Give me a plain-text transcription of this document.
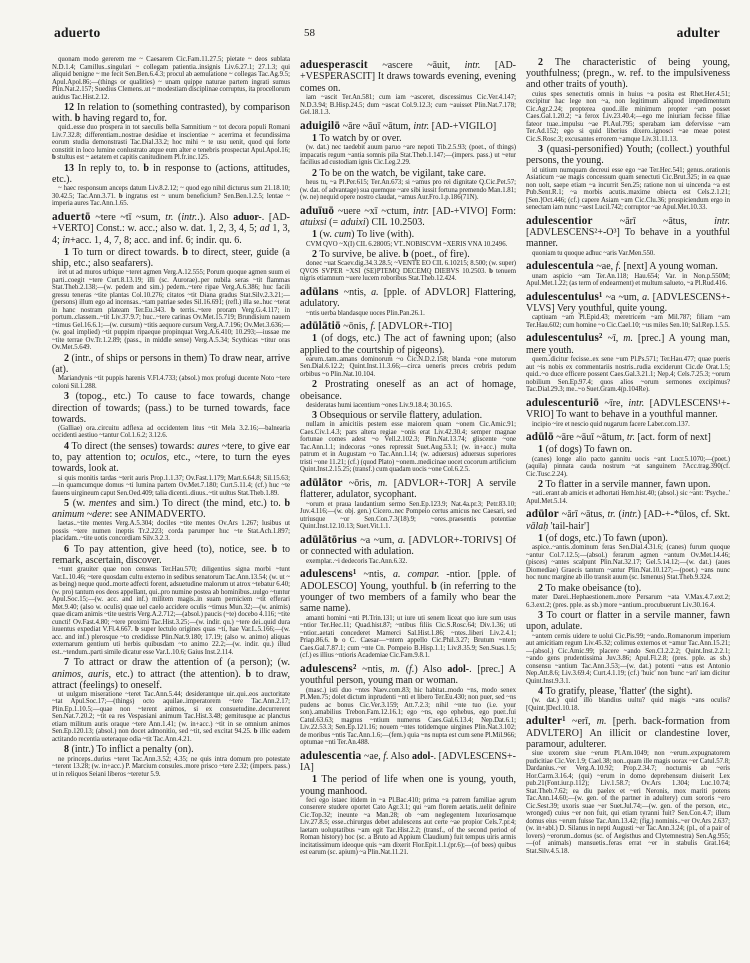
aduerto	58	adulter

quonam modo gererem me ~ Caesarem Cic.Fam.11.27.5; pietate ~ deos sublata N.D.1.4; Camillus..singulari ~ collegam patientia..insignis Liv.6.27.1; 27.1.3; qui aliquid benigne ~ me fecit Sen.Ben.6.4.3; procul ab aemulatione ~ collegas Tac.Ag.9.5; Apul.Apol.86;—(things or qualities) ~ unam quippe naturae partem ingrati sumus Plin.Nat.2.157; Suedius Clemens..ut ~ modestiam disciplinae corruptus, ita procellorum auidus Tac.Hist.2.12.

12 In relation to (something contrasted), by comparison with. b having regard to, for.

quid..esse duo prospera in tot saeculis bella Samnitium ~ tot decora populi Romani Liv.7.32.8; differentiam..nostrae desidiae et inscientiae ~ acerrima et fecundissima eorum studia demonstrasti Tac.Dial.33.2; hoc mihi ~ te usu uenit, quod qui forte constitit in loco lumine conlustrato atque eum alter e tenebris prospectat Apul.Apol.16; b stultus est ~ aetatem et capitis canitudinem Pl.fr.inc.125.

13 In reply to, to. b in response to (actions, attitudes, etc.).

~ haec responsum anceps datum Liv.8.2.12; ~ quod ego nihil dicturus sum 21.18.10; 30.42.5; Tac.Ann.3.71. b ingratus est ~ unum beneficium? Sen.Ben.1.2.5; lentae ~ imperia aures Tac.Ann.1.65.

aduertō ~tere ~tī ~sum, tr. (intr..). Also aduor-. [AD-+VERTO] Const.: w. acc.; also w. dat. 1, 2, 3, 4, 5; ad 1, 3, 4; in+acc. 1, 4, 7, 8; acc. and inf. 6; indir. qu. 6.

1 To turn or direct towards. b to direct, steer, guide (a ship, etc.; also seafarers).

iret ut ad muros urbique ~teret agmen Verg.A.12.555; Porum quoque agmen suum ei parti..coegit ~tere Curt.8.13.19; illi (sc. Aurorae)..per nubila seras ~tit flammas Stat.Theb.2.138;—(w. pedem and sim.) pedem..~tere ripae Verg.A.6.386; huc facili gressu teneras ~tite plantas Col.10.276; citatos ~tit Diana gradus Stat.Silv.2.3.21;—(persons) illum ego ad incensas..~tam patriae sedes Sil.16.691; (refl.) illa se..huc ~terat in hanc nostram plateam Ter.Eu.343. b terris..~tere proram Verg.G.4.117; in portum..classem..~tit Liv.37.9.7; huc..~tere carinas Ov.Met.15.719; Brundisium nauem ~timus Gel.16.6.1;—(w. cursum) ~titis aequore cursum Verg.A.7.196; Ov.Met.3.636;—(w. goal implied) ~tit puppim ripaeque propinquat Verg.A.6.410; 10.293;—iussae me ~tite terrae Ov.Tr.1.2.89; (pass., in middle sense) Verg.A.5.34; Scythicas ~titur oras Ov.Met.5.649.

2 (intr., of ships or persons in them) To draw near, arrive (at).

Mariandynis ~tit puppis harenis V.Fl.4.733; (absol.) mox profugi ducente Noto ~tere coloni Sil.1.288.

3 (topog., etc.) To cause to face towards, change direction of towards; (pass.) to be turned towards, face towards.

(Galliae) ora..circuitu adflexa ad occidentem litus ~tit Mela 3.2.16;—balnearia occidenti aestiuo ~tantur Col.1.6.2; 3.12.6.

4 To direct (the senses) towards: aures ~tere, to give ear to, pay attention to; oculos, etc., ~tere, to turn the eyes towards, look at.

si quis monitis tardas ~terit auris Prop.1.1.37; Ov.Fast.1.179; Mart.6.64.8; Sil.15.63;—in quamcumque domus ~ti lumina partem Ov.Met.7.180; Curt.5.11.4; (cf.) huc ~te fauens uirgineum caput Sen.Oed.409; talia dicenti..diuus..~tit uultus Stat.Theb.1.89.

5 (w. mentes and sim.) To direct (the mind, etc.) to. b animum ~dere: see ANIMADVERTO.

laetas..~tite mentes Verg.A.5.304; dociles ~tite mentes Ov.Ars 1.267; lusibus ut possis ~tere numen ineptis Tr.2.223; corda parumper huc ~te Stat.Ach.1.897; placidam..~tite uotis concordiam Silv.3.2.3.

6 To pay attention, give heed (to), notice, see. b to remark, ascertain, discover.

~tunt grauiter quae non censeas Ter.Hau.570; diligentius signa morbi ~tunt Var.L.10.46; ~tere quosdam cultu externo in sedibus senatorum Tac.Ann.13.54; (w. ut ~ as being) neque quod..morte adfecti forent, adsuetudine malorum ut atrox ~tebatur 6.40; (w. pro) tantum eos deos appellant, qui..pro numine postea ab hominibus..uulgo ~tuntur Apul.Soc.15;—(w. acc. and inf.) militem magis..in suam perniciem ~tit efferari Met.9.40; (also w. oculis) quae uel caelo accidere oculis ~timus Mun.32;—(w. animis) quae dicam animis ~tite uestris Verg.A.2.712;—(absol.) paucis (~te) docebo 4.116; ~tite cuncti! Ov.Fast.4.80; ~tere proximi Tac.Hist.3.25;—(w. indir. qu.) ~tere dei..quid dura iuuentus expediat V.Fl.4.667. b super lectulo origines quas ~ti, hae Var.L.5.166;—(w. acc. and inf.) plerosque ~to credidisse Plin.Nat.9.180; 17.19; (also w. animo) aliquas externarum gentium uti herbis quibusdam ~to animo 22.2;—(w. indir. qu.) illud est..~tendum..parti simile dicatur esse Var.L.10.6; Gaius Inst.2.114.

7 To attract or draw the attention of (a person); (w. animos, auris, etc.) to attract (the attention). b to draw, attract (feelings) to oneself.

ut uulgum miseratione ~teret Tac.Ann.5.44; desiderantque uir..qui..eos auctoritate ~tat Apul.Soc.17;—(things) octo aquilae..imperatorem ~tere Tac.Ann.2.17; Plin.Ep.1.10.5;—quae non ~terent animos, si ex consuetudine..decurrerent Sen.Nat.7.20.2; ~tit ea res Vespasiani animum Tac.Hist.3.48; gemitusque ac planctus etiam militum auris oraque ~tere Ann.1.41; (w. in+acc.) ~tit in se omnium animos Sen.Ep.120.13; (absol.) non docet admonitio, sed ~tit, sed excitat 94.25. b illic eadem actitando recentia ueteraque odia ~tit Tac.Ann.4.21.

8 (intr.) To inflict a penalty (on).

ne princeps..durius ~teret Tac.Ann.3.52; 4.35; ne quis intra domum pro potestate ~terent 13.28; (w. in+acc.) P. Marcium consules..more prisco ~tere 2.32; (impers. pass.) ut in reliquos Seiani liberos ~teretur 5.9.

aduesperascit ~ascere ~āuit, intr. [AD-+VESPERASCIT] It draws towards evening, evening comes on.

iam ~ascit Ter.An.581; cum iam ~asceret, discessimus Cic.Ver.4.147; N.D.3.94; B.Hisp.24.5; dum ~ascat Col.9.12.3; cum ~auisset Plin.Nat.7.178; Gel.18.1.3.

aduigilō ~āre ~āuī ~ātum, intr. [AD-+VIGILO]

1 To watch by or over.

(w. dat.) nec taedebit auum paruo ~are nepoti Tib.2.5.93; (poet., of things) impacatis regum ~antia somnis pila Stat.Theb.1.147;—(impers. pass.) ut ~etur facilius ad custodiam ignis Cic.Leg.2.29.

2 To be on the watch, be vigilant, take care.

heus tu, ~a Pl.Per.615; Ter.An.673; si ~amus pro rei dignitate Q.Cic.Pet.57; (w. dat. of advantage) sua quemque ~are sibi iussit fortuna premendo Man.1.81; (w. ne) nequid opere nostro claudat, ~amus Aur.Fro.1.p.186(71N).

aduīuō ~uere ~xī ~ctum, intr. [AD-+VIVO] Form: atuixsi (= aduixi) CIL 10.2503.

1 (w. cum) To live (with).

CVM QVO ~X(I) CIL 6.28005; VT..NOBISCVM ~XERIS VNA 10.2496.

2 To survive, be alive. b (poet., of fire).

donec ~uat Scaev.dig.34.3.28.5; ~VENTE EO CIL 6.10215; 8.500; (w. super) QVOS SVPER ~XSI ⟨SE⟩PTEMQ DECEMQ DIEBVS 10.2503. b tenuem nigris etiamnum ~uere lucem roboribus Stat.Theb.12.424.

adūlans ~ntis, a. [pple. of ADVLOR] Flattering, adulatory.

~ntis uerba blandasque uoces Plin.Pan.26.1.

adūlātiō ~ōnis, f. [ADVLOR+-TIO]

1 (of dogs, etc.) The act of fawning upon; (also applied to the courtship of pigeons).

earum..tam..amans dominorum ~o Cic.N.D.2.158; blanda ~one mutorum Sen.Dial.6.12.2; Quint.Inst.11.3.66;—circa ueneris preces crebris pedum orbibus ~o Plin.Nat.10.104.

2 Prostrating oneself as an act of homage, obeisance.

desideratas humi iacentium ~ones Liv.9.18.4; 30.16.5.

3 Obsequious or servile flattery, adulation.

nullam in amicitiis pestem esse maiorem quam ~onem Cic.Amic.91; Caes.Civ.1.4.3; pars altera regiae ~onis erat Liv.42.30.4; semper magnae fortunae comes adest ~o Vell.2.102.3; Plin.Nat.13.74; gliscente ~one Tac.Ann.1.1; indecoras ~ones repressit Suet.Aug.53.1; (w. in+acc.) multa patrum et in Augustam ~o Tac.Ann.1.14; (w. aduersus) aduersus superiores tristi ~one 11.21; (cf.) (quod Plato) ~onem..medicinae uocet cocorum artificium Quint.Inst.2.15.25; (transf.) cum quadam uocis ~one Col.6.2.5.

adūlātor ~ōris, m. [ADVLOR+-TOR] A servile flatterer, adulator, sycophant.

~orum et praua laudantium sermo Sen.Ep.123.9; Nat.4a.pr.3; Petr.83.10; Juv.4.116;—(w. obj. gen.) Cicero..nec Pompeio certus amicus nec Caesari, sed utriusque ~or Sen.Con.7.3(18).9; ~ores..praesentis potentiae Quint.Inst.12.10.13; Suet.Vit.1.1.

adūlātōrius ~a ~um, a. [ADVLOR+-TORIVS] Of or connected with adulation.

exemplar..~i dedecoris Tac.Ann.6.32.

adulescens¹ ~ntis, a. compar. -ntior. [pple. of ADOLESCO] Young, youthful. b (in referring to the younger of two members of a family who bear the same name).

amanti homini ~nti Pl.Trin.131; ut iure uti senem liceat quo iure sum usus ~ntior Ter.Hec.11; Quad.hist.87; ~ntibus filiis Cic.S.Rosc.64; Div.1.36; uti ~ntior..aetati concederet Mamerci Sal.Hist.1.86; ~ntes..liberi Liv.2.4.1; Priap.86.6. b o C. Caesar—~ntem appello Cic.Phil.3.27; Brutum ~ntem Caes.Gal.7.87.1; cum ~nte Cn. Pompeio B.Hisp.1.1; Liv.8.35.9; Sen.Suas.1.5; (cf.) es illius ~ntioris Academiae Cic.Fam.9.8.1.

adulescens² ~ntis, m. (f.) Also adol-. [prec.] A youthful person, young man or woman.

(masc.) isti duo ~ntes Naev.com.83; hic habitat..modo ~ns, modo senex Pl.Men.75; dolet dictum inprudenti ~nti et libero Ter.Eu.430; non puer, sed ~ns pudens ac bonus Cic.Ver.3.159; Att.7.2.3; nihil ~nte tuo (i.e. your son)..amabilius Trebon.Fam.12.16.1; ego ~ns, ego ephebus, ego puer..fui Catul.63.63; magnus ~ntium numerus Caes.Gal.6.13.4; Nep.Dat.6.1; Liv.22.53.3; Sen.Ep.121.16; nouem ~ntes totidemque uirgines Plin.Nat.3.102; de moribus ~ntis Tac.Ann.1.6;—(fem.) quia ~ns nupta est cum sene Pl.Mil.966; optumae ~nti Ter.An.488.

adulescentia ~ae, f. Also adol-. [ADVLESCENS+-IA]

1 The period of life when one is young, youth, young manhood.

feci ego istaec itidem in ~a Pl.Bac.410; prima ~a patrem familiae agrum conserere studere oportet Cato Agr.3.1; qui ~am florem aetatis..uelit definire Cic.Top.32; ineunte ~a Man.28; ob ~am neglegentem luxuriosamque Liv.27.8.5; esse..chirurgus debet adulescens aut certe ~ae propior Cels.7.pr.4; laetam uoluptatibus ~am egit Tac.Hist.2.2; (transf., of the second period of Roman history) hoc (sc. a Bruto ad Appium Claudium) fuit tempus uiris armis incitatissimum ideoque quis ~am dixerit Flor.Epit.1.1.(pr.6);—(of bees) quibus est earum (sc. apium) ~a Plin.Nat.11.21.

2 The characteristic of being young, youthfulness; (pregn., w. ref. to the impulsiveness and other traits of youth).

cuius spes senectutis omnis in huius ~a posita est Rhet.Her.4.51; excipitur hac lege non ~a, non legitimum aliquod impedimentum Cic.Agr.2.24; propterea quod..ille minimum propter ~am posset Caes.Gal.1.20.2; ~a ferox Liv.23.40.4;—ego me iniuriam fecisse filiae fateor tuae..impulsu ~ae Pl.Aul.795; sperabam iam defervisse ~am Ter.Ad.152; ego si quid liberius dixero..ignosci ~ae meae potest Cic.S.Rosc.3; excusantes errorem ~amque Liv.31.11.13.

3 (quasi-personified) Youth; (collect.) youthful persons, the young.

id uitium numquam decreui esse ego ~ae Ter.Hec.541; genus..orationis Asiaticum ~ae magis concessum quam senectuti Cic.Brut.325; in ea quae non uolt, saepe etiam ~a incurrit Sen.25; ratione non ui uincenda ~a est Pub.Sent.R.1; ~a morbis acutis..maxime obiecta est Cels.2.1.21; [Sen.]Oct.446; (cf.) capere Asiam ~am Cic.Clu.36; prospiciendum ergo in senectam iam nunc ~aest Lucil.742; corruptor ~ae Apul.Met.10.33.

adulescentior ~ārī ~ātus, intr. [ADVLESCENS²+-O³] To behave in a youthful manner.

quoniam tu quoque adhuc ~aris Var.Men.550.

adulescentula ~ae, f. [next] A young woman.

unam aspicio ~am Ter.An.118; Hau.654; Var. in Non.p.550M; Apul.Met.1.22; (as term of endearment) et multum salueto, ~a Pl.Rud.416.

adulescentulus¹ ~a ~um, a. [ADVLESCENS+-VLVS] Very youthful, quite young.

captiuam ~am Pl.Epid.43; meretricem ~am Mil.787; filiam ~am Ter.Hau.602; cum homine ~o Cic.Cael.10; ~us miles Sen.10; Sal.Rep.1.5.5.

adulescentulus² ~ī, m. [prec.] A young man, mere youth.

quem..dicitur fecisse..ex sene ~um Pl.Ps.571; Ter.Hau.477; quae pueris aut ~is nobis ex commentariis nostris..rudia exciderunt Cic.de Orat.1.5; quid..~o duce efficere possent Caes.Gal.3.21.1; Nep.4; Cels.7.25.3; ~orum nobilium Sen.Ep.97.4; quos alios ~orum sermones excipimus? Tac.Dial.29.3; me..~o Suet.Gram.4(p.104Re).

adulescenturiō ~īre, intr. [ADVLESCENS¹+-VRIO] To want to behave in a youthful manner.

incipio ~ire et nescio quid nugarum facere Laber.com.137.

adūlō ~āre ~āuī ~ātum, tr. [act. form of next]

1 (of dogs) To fawn on.

(canes) longe alio pacto gannitu uocis ~ant Lucr.5.1070;—(poet.) (aquila) pinnata cauda nostrum ~at sanguinem ?Acc.trag.390(cf. Cic.Tusc.2.24).

2 To flatter in a servile manner, fawn upon.

~ati..erant ab amicis et adhortati Hem.hist.40; (absol.) sic ~ant: 'Psyche..' Apul.Met.5.14.

adūlor ~ārī ~ātus, tr. (intr.) [AD-+-*ūlos, cf. Skt. vālaḥ 'tail-hair']

1 (of dogs, etc.) To fawn (upon).

aspice..~antis..dominum feras Sen.Dial.4.31.6; (canes) furum quoque ~antur Col.7.12.5;—(absol.) ferarum agmen ~antum Ov.Met.14.46; (pisces) ~antes scalpunt Plin.Nat.32.17; Gel.5.14.12;—(w. dat.) (aues Diomediae) Graecis tantum ~antur Plin.Nat.10.127;—(poet.) ~ans nunc hoc nunc margine ab illo transit auum (sc. Ismenus) Stat.Theb.9.324.

2 To make obeisance (to).

mater Darei..Hephaestionem..more Persarum ~ata V.Max.4.7.ext.2; 6.3.ext.2; (pres. pple. as sb.) more ~antium..procubuerunt Liv.30.16.4.

3 To court or flatter in a servile manner, fawn upon, adulate.

~antem cernis uidere te uolui Cic.Pis.99; ~ando..Romanorum imperium aut amicitiam regum Liv.45.32; colimus externos et ~amur Tac.Ann.15.21;—(absol.) Cic.Amic.99; placere ~ando Sen.Cl.2.2.2; Quint.Inst.2.2.1; ~ando gens prudentissima Juv.3.86; Apul.Fl.2.8; (pres. pple. as sb.) consensu ~antium Tac.Ann.3.53;—(w. dat.) potenti ~atus est Antonio Nep.Att.8.6; Liv.3.69.4; Curt.4.1.19; (cf.) 'huic' non 'hunc ~ari' iam dicitur Quint.Inst.9.3.1.

4 To gratify, please, 'flatter' (the sight).

(w. dat.) quid illo blandius uultu? quid magis ~ans oculis? [Quint.]Decl.10.18.

adulter¹ ~erī, m. [perh. back-formation from ADVLTERO] An illicit or clandestine lover, paramour, adulterer.

siue uxorem siue ~erum Pl.Am.1049; non ~erum..expugnatorem pudicitiae Cic.Ver.1.9; Cael.38; non..quam ille magis uorax ~er Catul.57.8; Dardanius..~er Verg.A.10.92; Prop.2.34.7; nocturnis ab ~eris Hor.Carm.3.16.4; (qui) ~erum in domo deprehensum diuiserit Lex pub.21(Font.iur.p.112); Liv.1.58.7; Ov.Ars 1.304; Luc.10.74; Stat.Theb.7.62; ea diu paelex et ~eri Neronis, mox mariti potens Tac.Ann.14.60;—(w. gen. of the partner in adultery) cum sororis ~ero Cic.Sest.39; uxoris suae ~er Suet.Jul.74;—(w. gen. of the person, etc., wronged) cuius ~er non fuit, qui etiam tyranni fuit? Sen.Con.4.7; illum domus eius ~erum fuisse Tac.Ann.13.42; (fig.) nominis..~er Ov.Ars 2.637; (w. in+abl.) D. Silanus in nepti Augusti ~er Tac.Ann.3.24; (pl., of a pair of lovers) ~erorum..domus (sc. of Aegisthus and Clytemnestra) Sen.Ag.955;—(of animals) mansuetis..feras errat ~er in stabulis Grat.164; Stat.Silv.4.5.18.
